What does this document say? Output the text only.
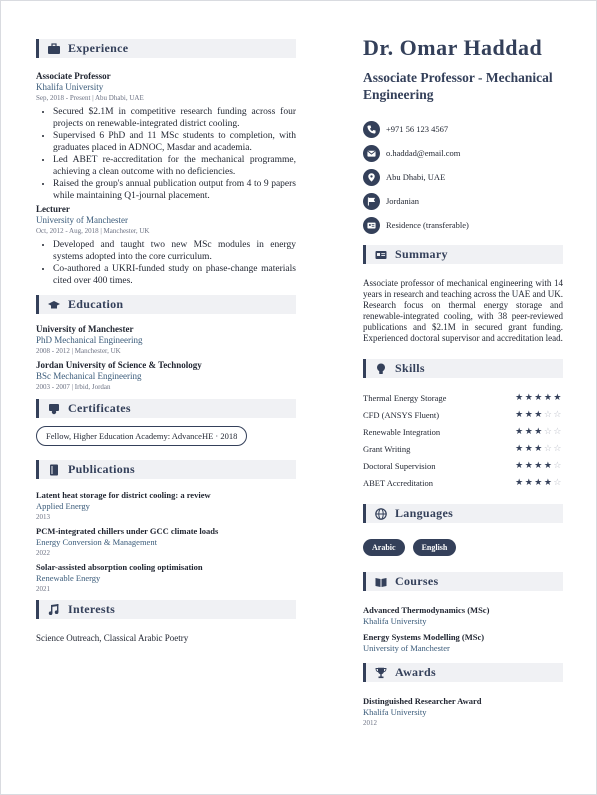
Experience
Associate Professor
Khalifa University
Sep, 2018 - Present | Abu Dhabi, UAE
• Secured $2.1M in competitive research funding across four projects on renewable-integrated district cooling.
• Supervised 6 PhD and 11 MSc students to completion, with graduates placed in ADNOC, Masdar and academia.
• Led ABET re-accreditation for the mechanical programme, achieving a clean outcome with no deficiencies.
• Raised the group's annual publication output from 4 to 9 papers while maintaining Q1-journal placement.
Lecturer
University of Manchester
Oct, 2012 - Aug, 2018 | Manchester, UK
• Developed and taught two new MSc modules in energy systems adopted into the core curriculum.
• Co-authored a UKRI-funded study on phase-change materials cited over 400 times.
Education
University of Manchester
PhD Mechanical Engineering
2008 - 2012 | Manchester, UK
Jordan University of Science & Technology
BSc Mechanical Engineering
2003 - 2007 | Irbid, Jordan
Certificates
Fellow, Higher Education Academy: AdvanceHE · 2018
Publications
Latent heat storage for district cooling: a review
Applied Energy
2013
PCM-integrated chillers under GCC climate loads
Energy Conversion & Management
2022
Solar-assisted absorption cooling optimisation
Renewable Energy
2021
Interests
Science Outreach, Classical Arabic Poetry
Dr. Omar Haddad
Associate Professor - Mechanical Engineering
+971 56 123 4567
o.haddad@email.com
Abu Dhabi, UAE
Jordanian
Residence (transferable)
Summary
Associate professor of mechanical engineering with 14 years in research and teaching across the UAE and UK. Research focus on thermal energy storage and renewable-integrated cooling, with 38 peer-reviewed publications and $2.1M in secured grant funding. Experienced doctoral supervisor and accreditation lead.
Skills
Thermal Energy Storage	★★★★★
CFD (ANSYS Fluent)	★★★☆☆
Renewable Integration	★★★☆☆
Grant Writing	★★★☆☆
Doctoral Supervision	★★★★☆
ABET Accreditation	★★★★☆
Languages
Arabic	English
Courses
Advanced Thermodynamics (MSc)
Khalifa University
Energy Systems Modelling (MSc)
University of Manchester
Awards
Distinguished Researcher Award
Khalifa University
2012
